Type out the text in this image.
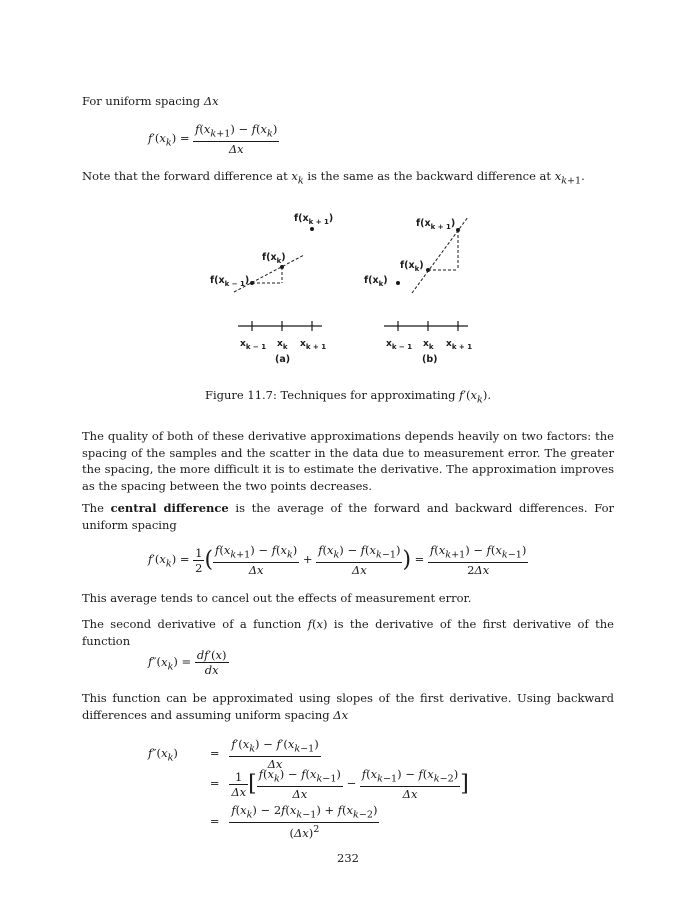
For uniform spacing Δx

$f'(x_k) = \frac{f(x_{k+1}) - f(x_k)}{\Delta x}$

Note that the forward difference at $x_k$ is the same as the backward difference at $x_{k+1}$.

$f(x_{k + 1})$
$f(x_k)$
$f(x_{k - 1})$
$x_{k - 1}$ $x_k$ $x_{k + 1}$
(a)
$f(x_{k + 1})$
$f(x_k)$
$f(x_k)$
$x_{k - 1}$ $x_k$ $x_{k + 1}$
(b)

Figure 11.7: Techniques for approximating $f'(x_k)$.

The quality of both of these derivative approximations depends heavily on two factors: the spacing of the samples and the scatter in the data due to measurement error. The greater the spacing, the more difficult it is to estimate the derivative. The approximation improves as the spacing between the two points decreases.

The central difference is the average of the forward and backward differences. For uniform spacing

$f'(x_k) = \frac{1}{2}$ ( $\frac{f(x_{k+1}) - f(x_k)}{\Delta x} + \frac{f(x_k) - f(x_{k-1})}{\Delta x}$ ) = $\frac{f(x_{k+1}) - f(x_{k-1})}{2\Delta x}$

This average tends to cancel out the effects of measurement error.

The second derivative of a function f(x) is the derivative of the first derivative of the function

$f''(x_k) = \frac{df'(x)}{dx}$

This function can be approximated using slopes of the first derivative. Using backward differences and assuming uniform spacing Δx

$f''(x_k)$	= $\frac{f'(x_k) - f'(x_{k-1})}{\Delta x}$
= $\frac{1}{\Delta x}$ [ $\frac{f(x_k) - f(x_{k-1})}{\Delta x} - \frac{f(x_{k-1}) - f(x_{k-2})}{\Delta x}$ ]
= $\frac{f(x_k) - 2f(x_{k-1}) + f(x_{k-2})}{(\Delta x)^2}$
232
